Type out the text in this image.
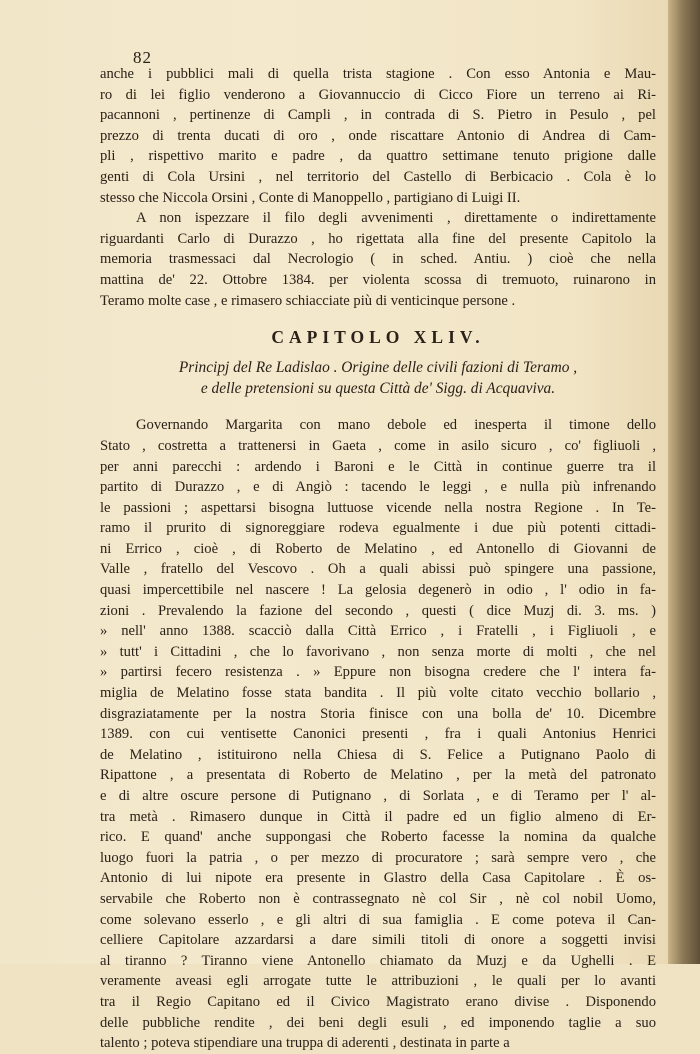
82
anche i pubblici mali di quella trista stagione . Con esso Antonia e Mau-
ro di lei figlio venderono a Giovannuccio di Cicco Fiore un terreno ai Ri-
pacannoni , pertinenze di Campli , in contrada di S. Pietro in Pesulo , pel
prezzo di trenta ducati di oro , onde riscattare Antonio di Andrea di Cam-
pli , rispettivo marito e padre , da quattro settimane tenuto prigione dalle
genti di Cola Ursini , nel territorio del Castello di Berbicacio . Cola è lo
stesso che Niccola Orsini , Conte di Manoppello , partigiano di Luigi II.
A non ispezzare il filo degli avvenimenti , direttamente o indirettamente
riguardanti Carlo di Durazzo , ho rigettata alla fine del presente Capitolo la
memoria trasmessaci dal Necrologio ( in sched. Antiu. ) cioè che nella
mattina de' 22. Ottobre 1384. per violenta scossa di tremuoto, ruinarono in
Teramo molte case , e rimasero schiacciate più di venticinque persone .
CAPITOLO XLIV.
Principj del Re Ladislao . Origine delle civili fazioni di Teramo ,
e delle pretensioni su questa Città de' Sigg. di Acquaviva.
Governando Margarita con mano debole ed inesperta il timone dello
Stato , costretta a trattenersi in Gaeta , come in asilo sicuro , co' figliuoli ,
per anni parecchi : ardendo i Baroni e le Città in continue guerre tra il
partito di Durazzo , e di Angiò : tacendo le leggi , e nulla più infrenando
le passioni ; aspettarsi bisogna luttuose vicende nella nostra Regione . In Te-
ramo il prurito di signoreggiare rodeva egualmente i due più potenti cittadi-
ni Errico , cioè , di Roberto de Melatino , ed Antonello di Giovanni de
Valle , fratello del Vescovo . Oh a quali abissi può spingere una passione,
quasi impercettibile nel nascere ! La gelosia degenerò in odio , l' odio in fa-
zioni . Prevalendo la fazione del secondo , questi ( dice Muzj di. 3. ms. )
» nell' anno 1388. scacciò dalla Città Errico , i Fratelli , i Figliuoli , e
» tutt' i Cittadini , che lo favorivano , non senza morte di molti , che nel
» partirsi fecero resistenza . » Eppure non bisogna credere che l' intera fa-
miglia de Melatino fosse stata bandita . Il più volte citato vecchio bollario ,
disgraziatamente per la nostra Storia finisce con una bolla de' 10. Dicembre
1389. con cui ventisette Canonici presenti , fra i quali Antonius Henrici
de Melatino , istituirono nella Chiesa di S. Felice a Putignano Paolo di
Ripattone , a presentata di Roberto de Melatino , per la metà del patronato
e di altre oscure persone di Putignano , di Sorlata , e di Teramo per l' al-
tra metà . Rimasero dunque in Città il padre ed un figlio almeno di Er-
rico. E quand' anche suppongasi che Roberto facesse la nomina da qualche
luogo fuori la patria , o per mezzo di procuratore ; sarà sempre vero , che
Antonio di lui nipote era presente in Glastro della Casa Capitolare . È os-
servabile che Roberto non è contrassegnato nè col Sir , nè col nobil Uomo,
come solevano esserlo , e gli altri di sua famiglia . E come poteva il Can-
celliere Capitolare azzardarsi a dare simili titoli di onore a soggetti invisi
al tiranno ? Tiranno viene Antonello chiamato da Muzj e da Ughelli . E
veramente aveasi egli arrogate tutte le attribuzioni , le quali per lo avanti
tra il Regio Capitano ed il Civico Magistrato erano divise . Disponendo
delle pubbliche rendite , dei beni degli esuli , ed imponendo taglie a suo
talento ; poteva stipendiare una truppa di aderenti , destinata in parte a
